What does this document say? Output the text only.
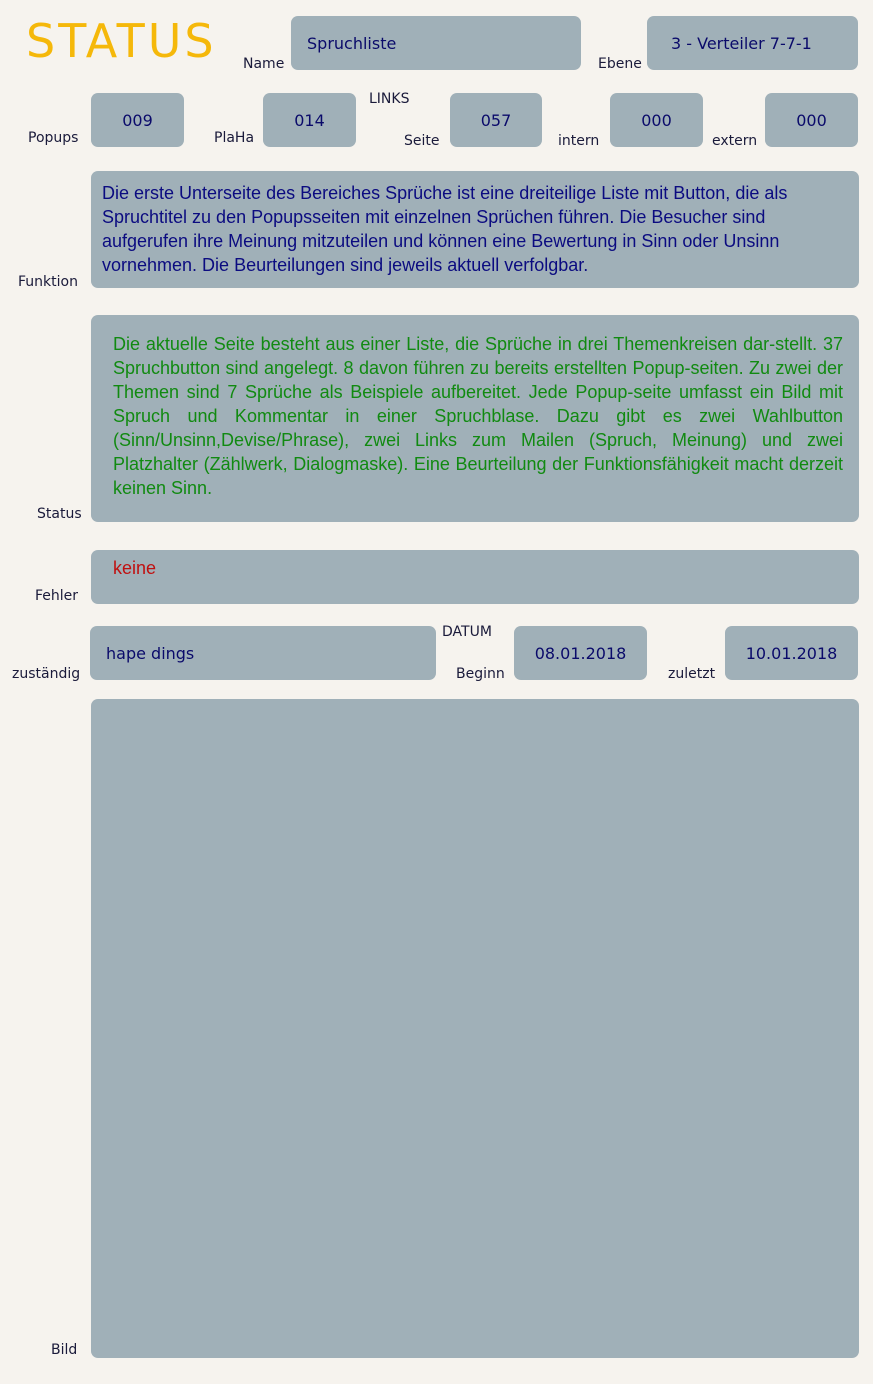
STATUS Name
Spruchliste
Ebene
3 - Verteiler 7-7-1
Popups
009
PlaHa
014
LINKS
Seite
057
intern
000
extern
000
Funktion
Die erste Unterseite des Bereiches Sprüche ist eine dreiteilige Liste mit Button, die als Spruchtitel zu den Popupsseiten mit einzelnen Sprüchen führen. Die Besucher sind aufgerufen ihre Meinung mitzuteilen und können eine Bewertung in Sinn oder Unsinn vornehmen. Die Beurteilungen sind jeweils aktuell verfolgbar.
Status
Die aktuelle Seite besteht aus einer Liste, die Sprüche in drei Themenkreisen dar-stellt. 37 Spruchbutton sind angelegt. 8 davon führen zu bereits erstellten Popup-seiten. Zu zwei der Themen sind 7 Sprüche als Beispiele aufbereitet. Jede Popup-seite umfasst ein Bild mit Spruch und Kommentar in einer Spruchblase. Dazu gibt es zwei Wahlbutton (Sinn/Unsinn,Devise/Phrase), zwei Links zum Mailen (Spruch, Meinung) und zwei Platzhalter (Zählwerk, Dialogmaske). Eine Beurteilung der Funktionsfähigkeit macht derzeit keinen Sinn.
Fehler
keine
zuständig
hape dings
DATUM
Beginn
08.01.2018
zuletzt
10.01.2018
Bild
